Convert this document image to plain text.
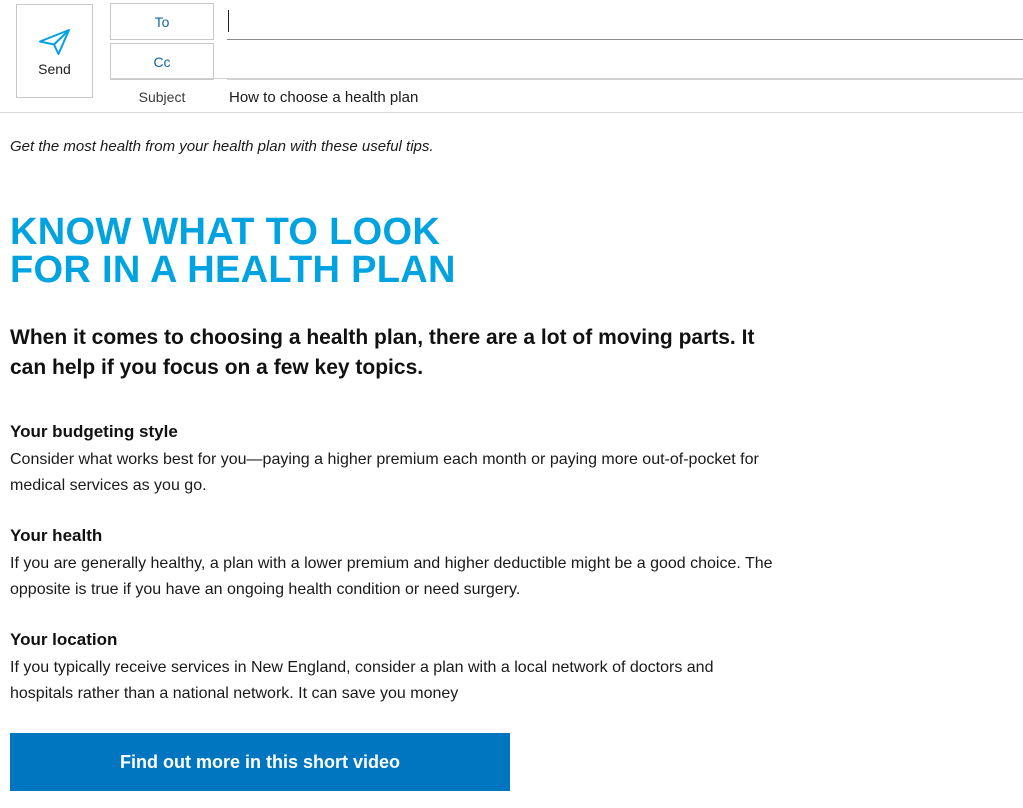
Send
To
Cc
Subject
How to choose a health plan

Get the most health from your health plan with these useful tips.

KNOW WHAT TO LOOK
FOR IN A HEALTH PLAN

When it comes to choosing a health plan, there are a lot of moving parts. It can help if you focus on a few key topics.

Your budgeting style

Consider what works best for you—paying a higher premium each month or paying more out-of-pocket for medical services as you go.

Your health

If you are generally healthy, a plan with a lower premium and higher deductible might be a good choice. The opposite is true if you have an ongoing health condition or need surgery.

Your location

If you typically receive services in New England, consider a plan with a local network of doctors and hospitals rather than a national network. It can save you money

Find out more in this short video
